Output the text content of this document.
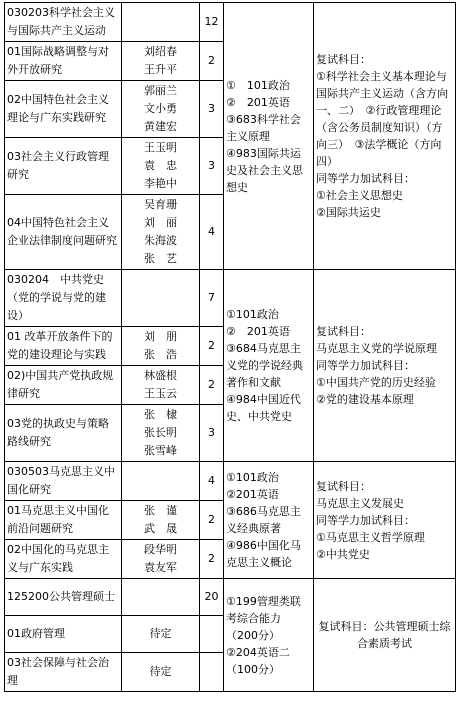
030203科学社会主义与国际共产主义运动		12	①　101政治
②　201英语
③683科学社会主义原理
④983国际共运史及社会主义思想史	复试科目：
①科学社会主义基本理论与国际共产主义运动（含方向一、二）　②行政管理理论（含公务员制度知识）（方向三）　③法学概论（方向四）
同等学力加试科目：
①社会主义思想史
②国际共运史

01国际战略调整与对外开放研究	刘绍春
王升平	2		
02中国特色社会主义理论与广东实践研究	郭丽兰
文小勇
黄建宏	3		
03社会主义行政管理研究	王玉明
袁　忠
李艳中	3		
04中国特色社会主义企业法律制度问题研究	吴育珊
刘　丽
朱海波
张　艺	4		
030204　中共党史（党的学说与党的建设）		7	①101政治
②　201英语
③684马克思主义党的学说经典著作和文献
④984中国近代史、中共党史	复试科目：
马克思主义党的学说原理
同等学力加试科目：
①中国共产党的历史经验
②党的建设基本原理

01 改革开放条件下的党的建设理论与实践	刘　朋
张　浩	2		
02)中国共产党执政规律研究	林盛根
王玉云	2		
03党的执政史与策略路线研究	张　棣
张长明
张雪峰	3		
030503马克思主义中国化研究		4	①101政治
②201英语
③686马克思主义经典原著
④986中国化马克思主义概论	复试科目：
马克思主义发展史
同等学力加试科目：
①马克思主义哲学原理
②中共党史

01马克思主义中国化前沿问题研究	张　谨
武　晟	2		
02中国化的马克思主义与广东实践	段华明
袁友军	2		
125200公共管理硕士		20	①199管理类联考综合能力（200分）
②204英语二（100分）	复试科目：公共管理硕士综合素质考试

01政府管理	待定			
03社会保障与社会治理	待定			
